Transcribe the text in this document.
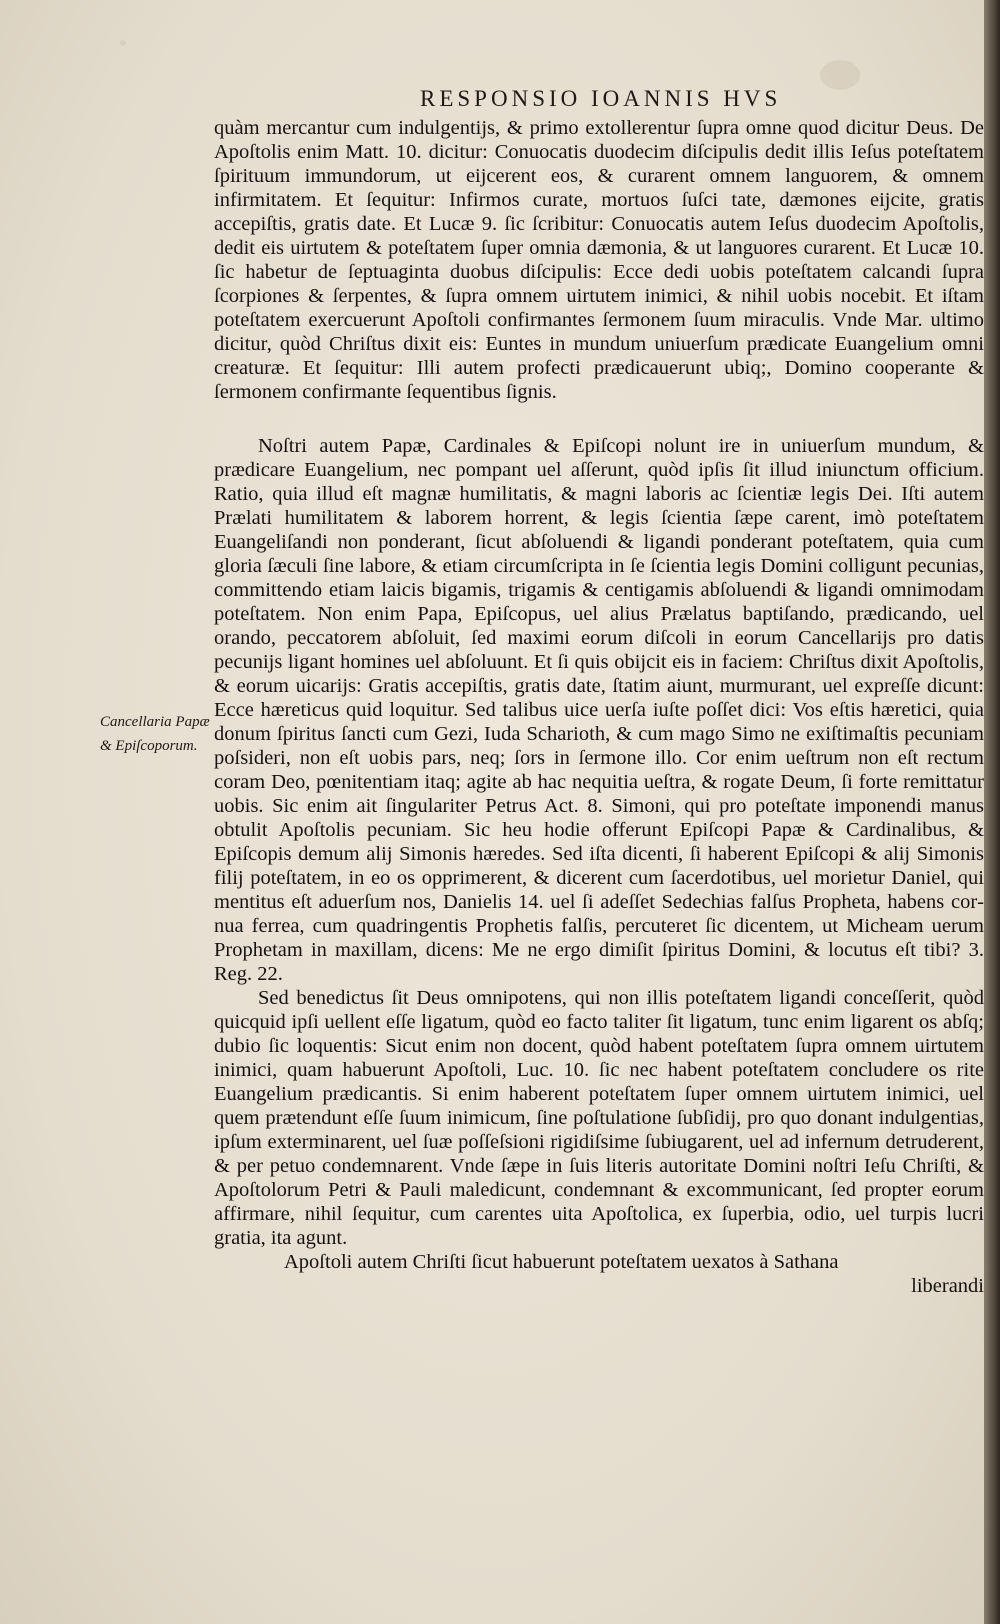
RESPONSIO IOANNIS HVS
Cancellaria Papæ & Epiſcoporum.

quàm mercantur cum indulgentijs, & primo extollerentur ſupra omne quod dicitur Deus. De Apoſtolis enim Matt. 10. dicitur: Conuocatis duodecim diſcipulis dedit illis Ieſus poteſtatem ſpirituum immundorum, ut eijcerent eos, & curarent omnem languorem, & omnem infirmitatem. Et ſequitur: Infirmos curate, mortuos ſuſci tate, dæmones eijcite, gratis accepiſtis, gratis date. Et Lucæ 9. ſic ſcribitur: Conuocatis autem Ieſus duodecim Apoſtolis, dedit eis uirtutem & poteſtatem ſuper omnia dæmonia, & ut languores curarent. Et Lucæ 10. ſic habetur de ſeptuaginta duobus diſcipulis: Ecce dedi uobis poteſtatem calcandi ſupra ſcorpiones & ſerpentes, & ſupra omnem uirtutem inimici, & nihil uobis nocebit. Et iſtam poteſtatem exercuerunt Apoſtoli confirmantes ſermonem ſuum miraculis. Vnde Mar. ultimo dicitur, quòd Chriſtus dixit eis: Euntes in mundum uniuerſum prædicate Euangelium omni creaturæ. Et ſequitur: Illi autem profecti prædicauerunt ubiq;, Domino cooperante & ſermonem confirmante ſequentibus ſignis.

Noſtri autem Papæ, Cardinales & Epiſcopi nolunt ire in uniuerſum mundum, & prædicare Euangelium, nec pompant uel aſſerunt, quòd ipſis ſit illud iniunctum officium. Ratio, quia illud eſt magnæ humilitatis, & magni laboris ac ſcientiæ legis Dei. Iſti autem Prælati humilitatem & laborem horrent, & legis ſcientia ſæpe carent, imò poteſtatem Euangeliſandi non ponderant, ſicut abſoluendi & ligandi ponderant poteſtatem, quia cum gloria ſæculi ſine labore, & etiam circumſcripta in ſe ſcientia legis Domini colligunt pecunias, committendo etiam laicis bigamis, trigamis & centigamis abſoluendi & ligandi omnimodam poteſtatem. Non enim Papa, Epiſcopus, uel alius Prælatus baptiſando, prædicando, uel orando, peccatorem abſoluit, ſed maximi eorum diſcoli in eorum Cancellarijs pro datis pecunijs ligant homines uel abſoluunt. Et ſi quis obijcit eis in faciem: Chriſtus dixit Apoſtolis, & eorum uicarijs: Gratis accepiſtis, gratis date, ſtatim aiunt, murmurant, uel expreſſe dicunt: Ecce hæreticus quid loquitur. Sed talibus uice uerſa iuſte poſſet dici: Vos eſtis hæretici, quia donum ſpiritus ſancti cum Gezi, Iuda Scharioth, & cum mago Simo ne exiſtimaſtis pecuniam poſsideri, non eſt uobis pars, neq; ſors in ſermone illo. Cor enim ueſtrum non eſt rectum coram Deo, pœnitentiam itaq; agite ab hac nequitia ueſtra, & rogate Deum, ſi forte remittatur uobis. Sic enim ait ſingulariter Petrus Act. 8. Simoni, qui pro poteſtate imponendi manus obtulit Apoſtolis pecuniam. Sic heu hodie offerunt Epiſcopi Papæ & Cardinalibus, & Epiſcopis demum alij Simonis hæredes. Sed iſta dicenti, ſi haberent Epiſcopi & alij Simonis filij poteſtatem, in eo os opprimerent, & dicerent cum ſacerdotibus, uel morietur Daniel, qui mentitus eſt aduerſum nos, Danielis 14. uel ſi adeſſet Sedechias falſus Propheta, habens cornua ferrea, cum quadringentis Prophetis falſis, percuteret ſic dicentem, ut Micheam uerum Prophetam in maxillam, dicens: Me ne ergo dimiſit ſpiritus Domini, & locutus eſt tibi? 3. Reg. 22.

Sed benedictus ſit Deus omnipotens, qui non illis poteſtatem ligandi conceſſerit, quòd quicquid ipſi uellent eſſe ligatum, quòd eo facto taliter ſit ligatum, tunc enim ligarent os abſq; dubio ſic loquentis: Sicut enim non docent, quòd habent poteſtatem ſupra omnem uirtutem inimici, quam habuerunt Apoſtoli, Luc. 10. ſic nec habent poteſtatem concludere os rite Euangelium prædicantis. Si enim haberent poteſtatem ſuper omnem uirtutem inimici, uel quem prætendunt eſſe ſuum inimicum, ſine poſtulatione ſubſidij, pro quo donant indulgentias, ipſum exterminarent, uel ſuæ poſſeſsioni rigidiſsime ſubiugarent, uel ad infernum detruderent, & per petuo condemnarent. Vnde ſæpe in ſuis literis autoritate Domini noſtri Ieſu Chriſti, & Apoſtolorum Petri & Pauli maledicunt, condemnant & excommunicant, ſed propter eorum affirmare, nihil ſequitur, cum carentes uita Apoſtolica, ex ſuperbia, odio, uel turpis lucri gratia, ita agunt.

Apoſtoli autem Chriſti ſicut habuerunt poteſtatem uexatos à Sathana

liberandi
